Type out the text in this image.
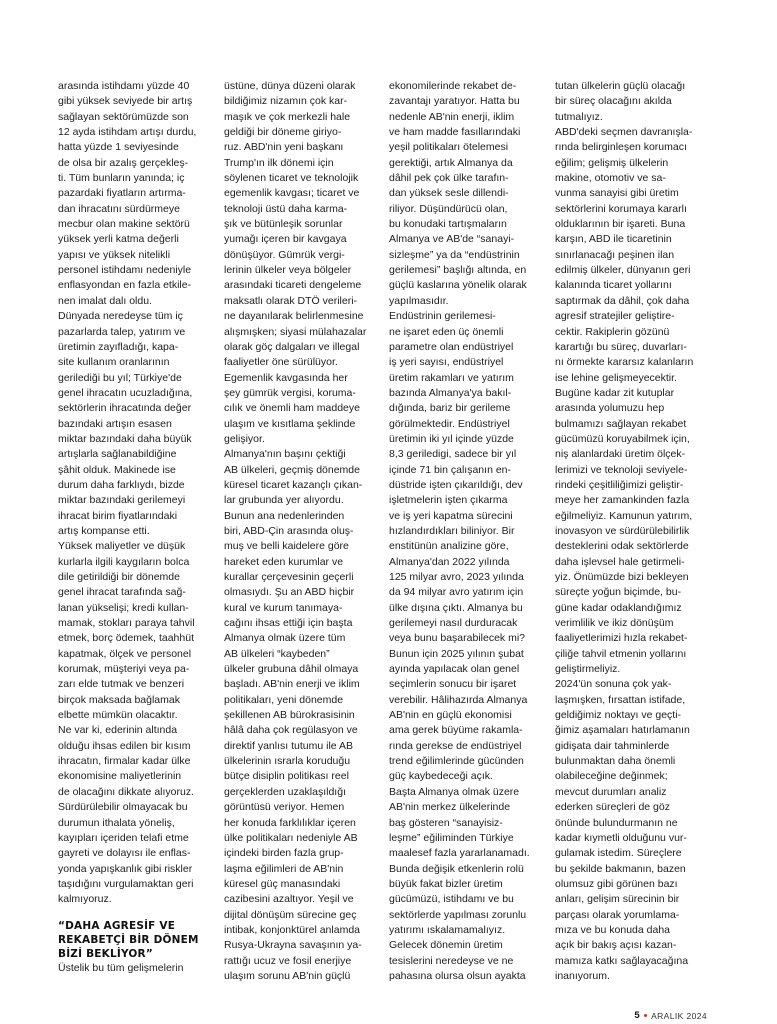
arasında istihdamı yüzde 40
gibi yüksek seviyede bir artış
sağlayan sektörümüzde son
12 ayda istihdam artışı durdu,
hatta yüzde 1 seviyesinde
de olsa bir azalış gerçekleş-
ti. Tüm bunların yanında; iç
pazardaki fiyatların artırma-
dan ihracatını sürdürmeye
mecbur olan makine sektörü
yüksek yerli katma değerli
yapısı ve yüksek nitelikli
personel istihdamı nedeniyle
enflasyondan en fazla etkile-
nen imalat dalı oldu.

Dünyada neredeyse tüm iç
pazarlarda talep, yatırım ve
üretimin zayıfladığı, kapa-
site kullanım oranlarının
gerilediği bu yıl; Türkiye'de
genel ihracatın ucuzladığına,
sektörlerin ihracatında değer
bazındaki artışın esasen
miktar bazındaki daha büyük
artışlarla sağlanabildiğine
şâhit olduk. Makinede ise
durum daha farklıydı, bizde
miktar bazındaki gerilemeyi
ihracat birim fiyatlarındaki
artış kompanse etti.

Yüksek maliyetler ve düşük
kurlarla ilgili kaygıların bolca
dile getirildiği bir dönemde
genel ihracat tarafında sağ-
lanan yükselişi; kredi kullan-
mamak, stokları paraya tahvil
etmek, borç ödemek, taahhüt
kapatmak, ölçek ve personel
korumak, müşteriyi veya pa-
zarı elde tutmak ve benzeri
birçok maksada bağlamak
elbette mümkün olacaktır.

Ne var ki, ederinin altında
olduğu ihsas edilen bir kısım
ihracatın, firmalar kadar ülke
ekonomisine maliyetlerinin
de olacağını dikkate alıyoruz.
Sürdürülebilir olmayacak bu
durumun ithalata yöneliş,
kayıpları içeriden telafi etme
gayreti ve dolayısı ile enflas-
yonda yapışkanlık gibi riskler
taşıdığını vurgulamaktan geri
kalmıyoruz.

“DAHA AGRESİF VE
REKABETÇİ BİR DÖNEM
BİZİ BEKLİYOR”

Üstelik bu tüm gelişmelerin

üstüne, dünya düzeni olarak
bildiğimiz nizamın çok kar-
maşık ve çok merkezli hale
geldiği bir döneme giriyo-
ruz. ABD'nin yeni başkanı
Trump'ın ilk dönemi için
söylenen ticaret ve teknolojik
egemenlik kavgası; ticaret ve
teknoloji üstü daha karma-
şık ve bütünleşik sorunlar
yumağı içeren bir kavgaya
dönüşüyor. Gümrük vergi-
lerinin ülkeler veya bölgeler
arasındaki ticareti dengeleme
maksatlı olarak DTÖ verileri-
ne dayanılarak belirlenmesine
alışmışken; siyasi mülahazalar
olarak göç dalgaları ve illegal
faaliyetler öne sürülüyor.
Egemenlik kavgasında her
şey gümrük vergisi, koruma-
cılık ve önemli ham maddeye
ulaşım ve kısıtlama şeklinde
gelişiyor.

Almanya'nın başını çektiği
AB ülkeleri, geçmiş dönemde
küresel ticaret kazançlı çıkan-
lar grubunda yer alıyordu.
Bunun ana nedenlerinden
biri, ABD-Çin arasında oluş-
muş ve belli kaidelere göre
hareket eden kurumlar ve
kurallar çerçevesinin geçerli
olmasıydı. Şu an ABD hiçbir
kural ve kurum tanımaya-
cağını ihsas ettiği için başta
Almanya olmak üzere tüm
AB ülkeleri “kaybeden”
ülkeler grubuna dâhil olmaya
başladı. AB'nin enerji ve iklim
politikaları, yeni dönemde
şekillenen AB bürokrasisinin
hâlâ daha çok regülasyon ve
direktif yanlısı tutumu ile AB
ülkelerinin ısrarla koruduğu
bütçe disiplin politikası reel
gerçeklerden uzaklaşıldığı
görüntüsü veriyor. Hemen
her konuda farklılıklar içeren
ülke politikaları nedeniyle AB
içindeki birden fazla grup-
laşma eğilimleri de AB'nin
küresel güç manasındaki
cazibesini azaltıyor. Yeşil ve
dijital dönüşüm sürecine geç
intibak, konjonktürel anlamda
Rusya-Ukrayna savaşının ya-
rattığı ucuz ve fosil enerjiye
ulaşım sorunu AB'nin güçlü

ekonomilerinde rekabet de-
zavantajı yaratıyor. Hatta bu
nedenle AB'nin enerji, iklim
ve ham madde fasıllarındaki
yeşil politikaları ötelemesi
gerektiği, artık Almanya da
dâhil pek çok ülke tarafın-
dan yüksek sesle dillendi-
riliyor. Düşündürücü olan,
bu konudaki tartışmaların
Almanya ve AB'de “sanayi-
sizleşme” ya da “endüstrinin
gerilemesi” başlığı altında, en
güçlü kaslarına yönelik olarak
yapılmasıdır.

Endüstrinin gerilemesi-
ne işaret eden üç önemli
parametre olan endüstriyel
iş yeri sayısı, endüstriyel
üretim rakamları ve yatırım
bazında Almanya'ya bakıl-
dığında, bariz bir gerileme
görülmektedir. Endüstriyel
üretimin iki yıl içinde yüzde
8,3 geriledigi, sadece bir yıl
içinde 71 bin çalışanın en-
düstride işten çıkarıldığı, dev
işletmelerin işten çıkarma
ve iş yeri kapatma sürecini
hızlandırdıkları biliniyor. Bir
enstitünün analizine göre,
Almanya'dan 2022 yılında
125 milyar avro, 2023 yılında
da 94 milyar avro yatırım için
ülke dışına çıktı. Almanya bu
gerilemeyi nasıl durduracak
veya bunu başarabilecek mi?
Bunun için 2025 yılının şubat
ayında yapılacak olan genel
seçimlerin sonucu bir işaret
verebilir. Hâlihazırda Almanya
AB'nin en güçlü ekonomisi
ama gerek büyüme rakamla-
rında gerekse de endüstriyel
trend eğilimlerinde gücünden
güç kaybedeceği açık.

Başta Almanya olmak üzere
AB'nin merkez ülkelerinde
baş gösteren “sanayisiz-
leşme” eğiliminden Türkiye
maalesef fazla yararlanamadı.
Bunda değişik etkenlerin rolü
büyük fakat bizler üretim
gücümüzü, istihdamı ve bu
sektörlerde yapılması zorunlu
yatırımı ıskalamamalıyız.
Gelecek dönemin üretim
tesislerini neredeyse ve ne
pahasına olursa olsun ayakta

tutan ülkelerin güçlü olacağı
bir süreç olacağını akılda
tutmalıyız.

ABD'deki seçmen davranışla-
rında belirginleşen korumacı
eğilim; gelişmiş ülkelerin
makine, otomotiv ve sa-
vunma sanayisi gibi üretim
sektörlerini korumaya kararlı
olduklarının bir işareti. Buna
karşın, ABD ile ticaretinin
sınırlanacağı peşinen ilan
edilmiş ülkeler, dünyanın geri
kalanında ticaret yollarını
saptırmak da dâhil, çok daha
agresif stratejiler geliştire-
cektir. Rakiplerin gözünü
karartığı bu süreç, duvarları-
nı örmekte kararsız kalanların
ise lehine gelişmeyecektir.

Bugüne kadar zit kutuplar
arasında yolumuzu hep
bulmamızı sağlayan rekabet
gücümüzü koruyabilmek için,
niş alanlardaki üretim ölçek-
lerimizi ve teknoloji seviyele-
rindeki çeşitliliğimizi geliştir-
meye her zamankinden fazla
eğilmeliyiz. Kamunun yatırım,
inovasyon ve sürdürülebilirlik
desteklerini odak sektörlerde
daha işlevsel hale getirmeli-
yiz. Önümüzde bizi bekleyen
süreçte yoğun biçimde, bu-
güne kadar odaklandığımız
verimlilik ve ikiz dönüşüm
faaliyetlerimizi hızla rekabet-
çiliğe tahvil etmenin yollarını
geliştirmeliyiz.

2024'ün sonuna çok yak-
laşmışken, fırsattan istifade,
geldiğimiz noktayı ve geçti-
ğimiz aşamaları hatırlamanın
gidişata dair tahminlerde
bulunmaktan daha önemli
olabileceğine değinmek;
mevcut durumları analiz
ederken süreçleri de göz
önünde bulundurmanın ne
kadar kıymetli olduğunu vur-
gulamak istedim. Süreçlere
bu şekilde bakmanın, bazen
olumsuz gibi görünen bazı
anları, gelişim sürecinin bir
parçası olarak yorumlama-
mıza ve bu konuda daha
açık bir bakış açısı kazan-
mamıza katkı sağlayacağına
inanıyorum.

5 ARALIK 2024
